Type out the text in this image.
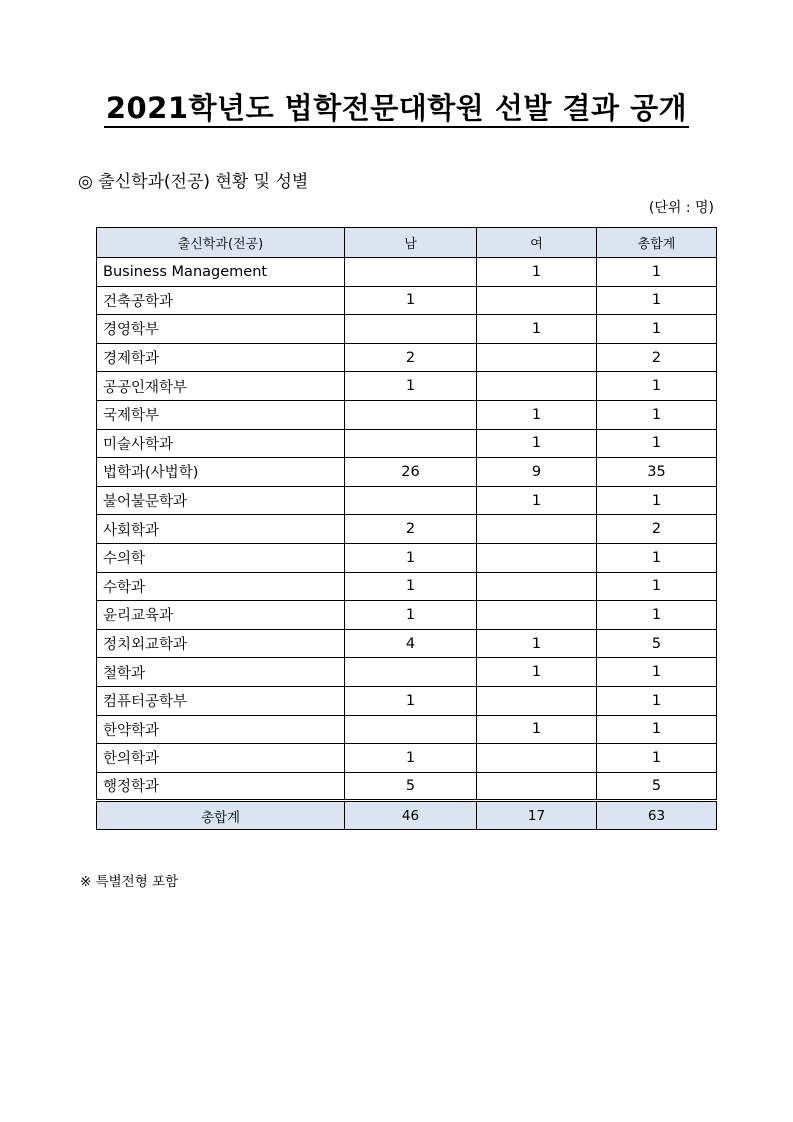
2021학년도 법학전문대학원 선발 결과 공개
◎ 출신학과(전공) 현황 및 성별
(단위 : 명)
출신학과(전공)	남	여	총합계
Business Management		1	1
건축공학과	1		1
경영학부		1	1
경제학과	2		2
공공인재학부	1		1
국제학부		1	1
미술사학과		1	1
법학과(사법학)	26	9	35
불어불문학과		1	1
사회학과	2		2
수의학	1		1
수학과	1		1
윤리교육과	1		1
정치외교학과	4	1	5
철학과		1	1
컴퓨터공학부	1		1
한약학과		1	1
한의학과	1		1
행정학과	5		5
총합계	46	17	63
※ 특별전형 포함
